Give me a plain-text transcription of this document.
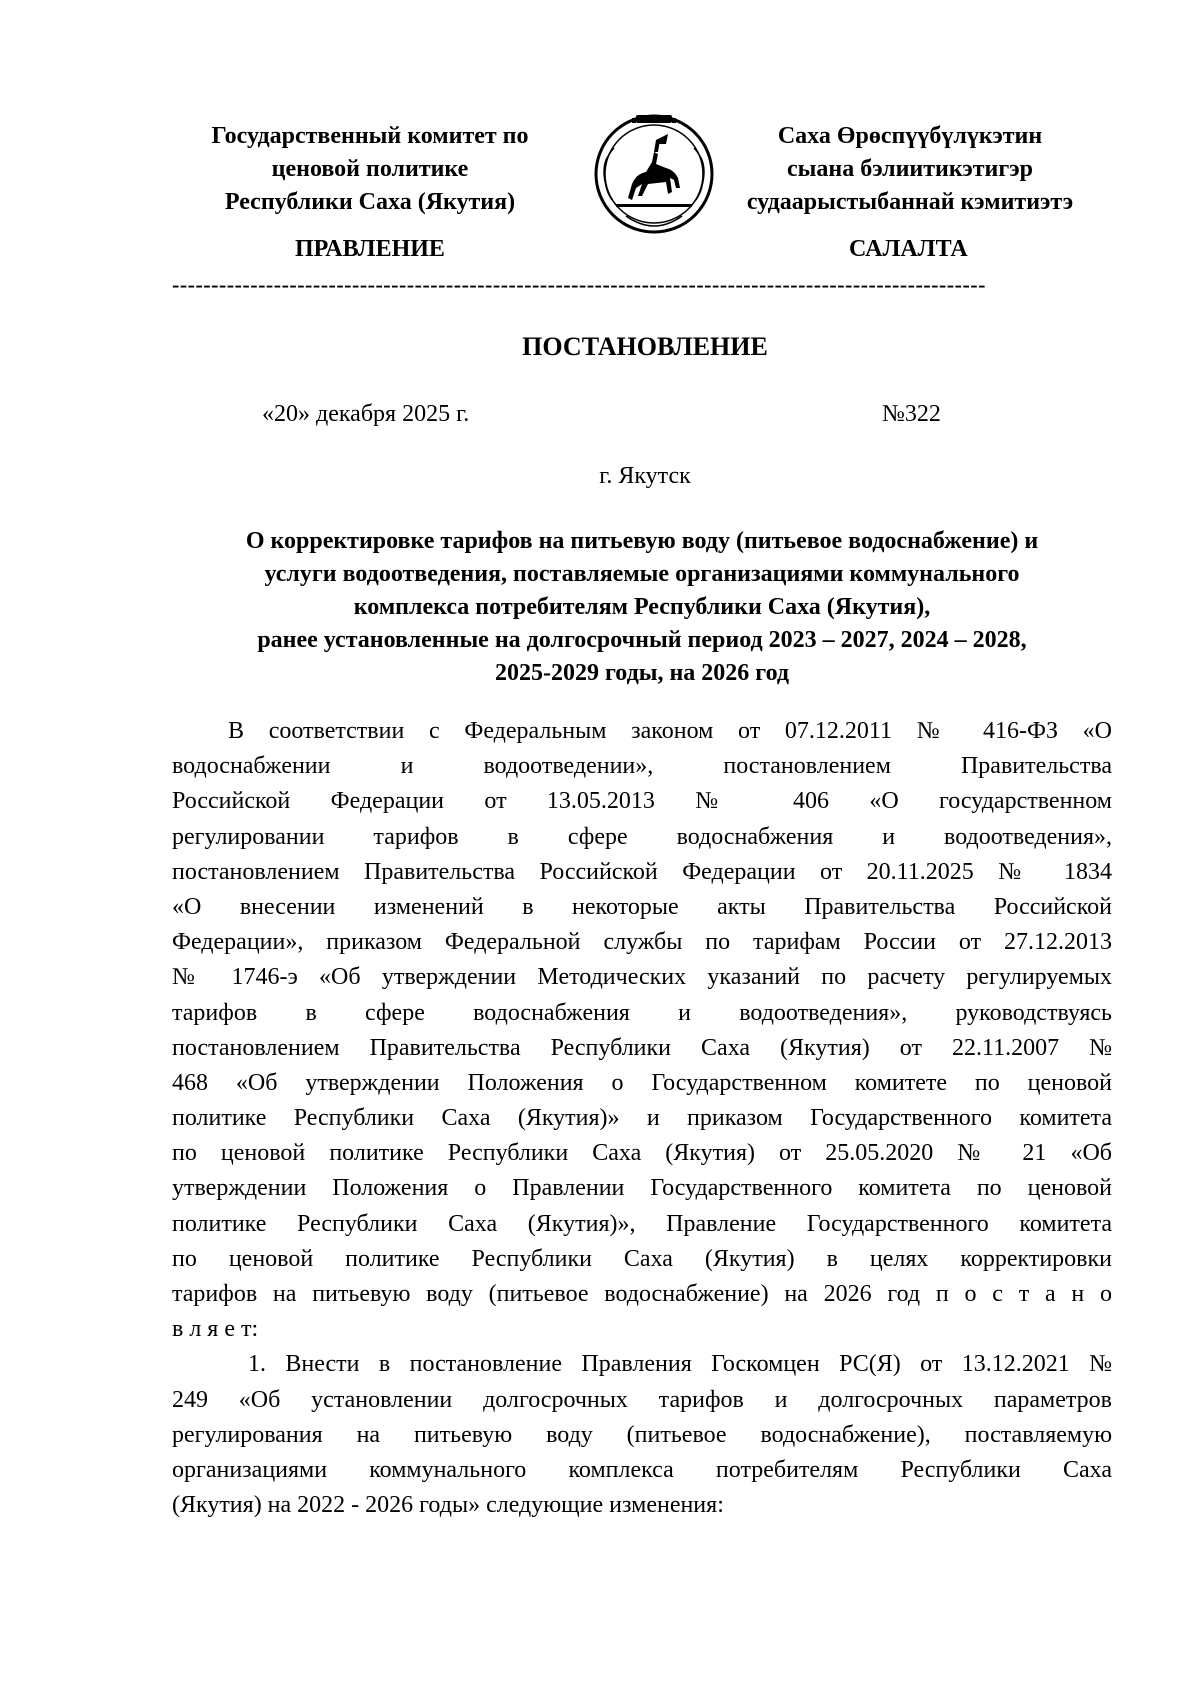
Государственный комитет по
ценовой политике
Республики Саха (Якутия)
Саха Өрөспүүбүлүкэтин
сыана бэлиитикэтигэр
судаарыстыбаннай кэмитиэтэ
ПРАВЛЕНИЕ	САЛАЛТА
--------------------------------------------------------------------------------------------------------
ПОСТАНОВЛЕНИЕ
«20» декабря 2025 г.	№322
г. Якутск
О корректировке тарифов на питьевую воду (питьевое водоснабжение) и
услуги водоотведения, поставляемые организациями коммунального
комплекса потребителям Республики Саха (Якутия),
ранее установленные на долгосрочный период 2023 – 2027, 2024 – 2028,
2025-2029 годы, на 2026 год
В соответствии с Федеральным законом от 07.12.2011 № 416-ФЗ «О
водоснабжении и водоотведении», постановлением Правительства
Российской Федерации от 13.05.2013 № 406 «О государственном
регулировании тарифов в сфере водоснабжения и водоотведения»,
постановлением Правительства Российской Федерации от 20.11.2025 № 1834
«О внесении изменений в некоторые акты Правительства Российской
Федерации», приказом Федеральной службы по тарифам России от 27.12.2013
№ 1746-э «Об утверждении Методических указаний по расчету регулируемых
тарифов в сфере водоснабжения и водоотведения», руководствуясь
постановлением Правительства Республики Саха (Якутия) от 22.11.2007 №
468 «Об утверждении Положения о Государственном комитете по ценовой
политике Республики Саха (Якутия)» и приказом Государственного комитета
по ценовой политике Республики Саха (Якутия) от 25.05.2020 № 21 «Об
утверждении Положения о Правлении Государственного комитета по ценовой
политике Республики Саха (Якутия)», Правление Государственного комитета
по ценовой политике Республики Саха (Якутия) в целях корректировки
тарифов на питьевую воду (питьевое водоснабжение) на 2026 год п о с т а н о
в л я е т:
1. Внести в постановление Правления Госкомцен РС(Я) от 13.12.2021 №
249 «Об установлении долгосрочных тарифов и долгосрочных параметров
регулирования на питьевую воду (питьевое водоснабжение), поставляемую
организациями коммунального комплекса потребителям Республики Саха
(Якутия) на 2022 - 2026 годы» следующие изменения:
